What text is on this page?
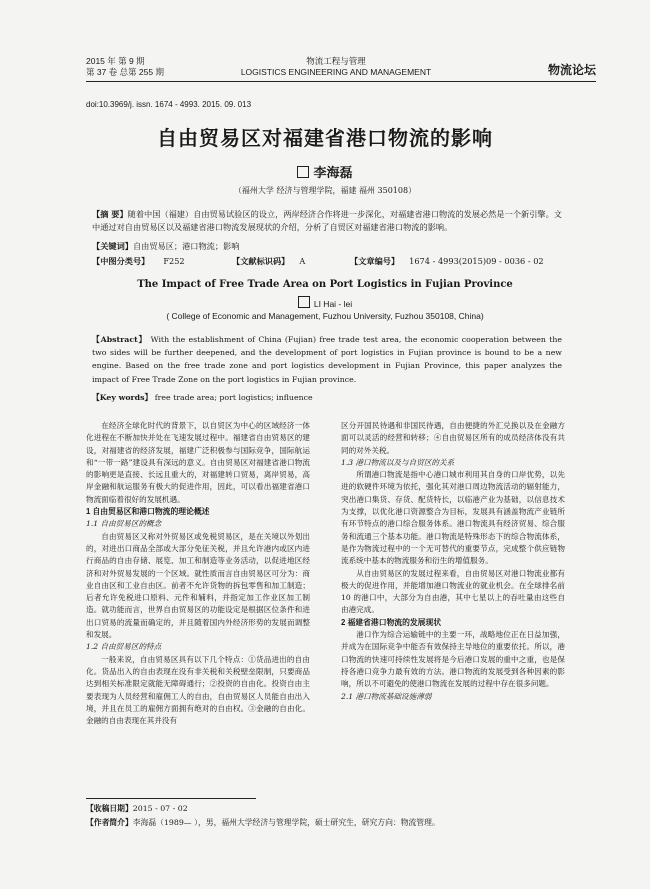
2015 年 第 9 期
第 37 卷 总第 255 期
物流工程与管理
LOGISTICS ENGINEERING AND MANAGEMENT	物流论坛
doi:10.3969/j. issn. 1674 - 4993. 2015. 09. 013
自由贸易区对福建省港口物流的影响
李海磊
（福州大学 经济与管理学院，福建 福州 350108）
【摘 要】随着中国（福建）自由贸易试验区的设立，两岸经济合作将进一步深化，对福建省港口物流的发展必然是一个新引擎。文中通过对自由贸易区以及福建省港口物流发展现状的介绍，分析了自贸区对福建省港口物流的影响。
【关键词】自由贸易区；港口物流；影响
【中图分类号】 F252	【文献标识码】 A	【文章编号】 1674 - 4993(2015)09 - 0036 - 02
The Impact of Free Trade Area on Port Logistics in Fujian Province
LI Hai - lei
( College of Economic and Management, Fuzhou University, Fuzhou 350108, China)
【Abstract】 With the establishment of China (Fujian) free trade test area, the economic cooperation between the two sides will be further deepened, and the development of port logistics in Fujian province is bound to be a new engine. Based on the free trade zone and port logistics development in Fujian Province, this paper analyzes the impact of Free Trade Zone on the port logistics in Fujian province.
【Key words】 free trade area; port logistics; influence

在经济全球化时代的背景下，以自贸区为中心的区域经济一体化进程在不断加快并处在飞速发展过程中。福建省自由贸易区的建设，对福建省的经济发展，福建广泛积极参与国际竞争，国际航运和“一带一路”建设具有深远的意义。自由贸易区对福建省港口物流的影响更是直接、长远且重大的，对福建转口贸易，离岸贸易，高岸金融和航运服务有极大的促进作用，因此，可以看出福建省港口物流面临着很好的发展机遇。

1 自由贸易区和港口物流的理论概述

1.1 自由贸易区的概念

自由贸易区又称对外贸易区或免税贸易区，是在关境以外划出的，对进出口商品全部或大部分免征关税，并且允许港内或区内进行商品的自由存储、展览、加工和制造等业务活动，以促进地区经济和对外贸易发展的一个区域。就性质而言自由贸易区可分为：商业自由区和工业自由区。前者不允许货物的拆包零售和加工制造；后者允许免税进口原料、元件和辅料，并指定加工作业区加工制造。就功能而言，世界自由贸易区的功能设定是根据区位条件和进出口贸易的流量而确定的，并且随着国内外经济形势的发展而调整和发展。

1.2 自由贸易区的特点

一般来说，自由贸易区具有以下几个特点：①货品进出的自由化。货品出入的自由表现在没有非关税和关税壁垒限制，只要商品达到相关标准限定就能无障碍通行；②投资的自由化。投资自由主要表现为人员经营和雇佣工人的自由，自由贸易区人员能自由出入境，并且在员工的雇佣方面拥有绝对的自由权。③金融的自由化。金融的自由表现在其并没有

区分开国民待遇和非国民待遇，自由便捷的外汇兑换以及在金融方面可以灵活的经营和转移；④自由贸易区所有的成员经济体没有共同的对外关税。

1.3 港口物流以及与自贸区的关系

所谓港口物流是指中心港口城市利用其自身的口岸优势，以先进的软硬件环境为依托，强化其对港口周边物流活动的辐射能力，突出港口集货、存货、配货特长，以临港产业为基础，以信息技术为支撑，以优化港口资源整合为目标，发展具有涵盖物流产业链所有环节特点的港口综合服务体系。港口物流具有经济贸易、综合服务和流通三个基本功能。港口物流是特殊形态下的综合物流体系，是作为物流过程中的一个无可替代的重要节点，完成整个供应链物流系统中基本的物流服务和衍生的增值服务。

从自由贸易区的发展过程来看，自由贸易区对港口物流业都有极大的促进作用，并能增加港口物流业的就业机会。在全球排名前 10 的港口中，大部分为自由港，其中七星以上的吞吐量由这些自由港完成。

2 福建省港口物流的发展现状

港口作为综合运输链中的主要一环，战略地位正在日益加强，并成为在国际竞争中能否有效保持主导地位的重要依托。所以，港口物流的快速可持续性发展将是今后港口发展的重中之重，也是保持各港口竞争力最有效的方法。港口物流的发展受到各种因素的影响，所以不可避免的使港口物流在发展的过程中存在很多问题。

2.1 港口物流基础设施薄弱

【收稿日期】2015 - 07 - 02
【作者简介】李海磊（1989— ），男，福州大学经济与管理学院，硕士研究生，研究方向：物流管理。
